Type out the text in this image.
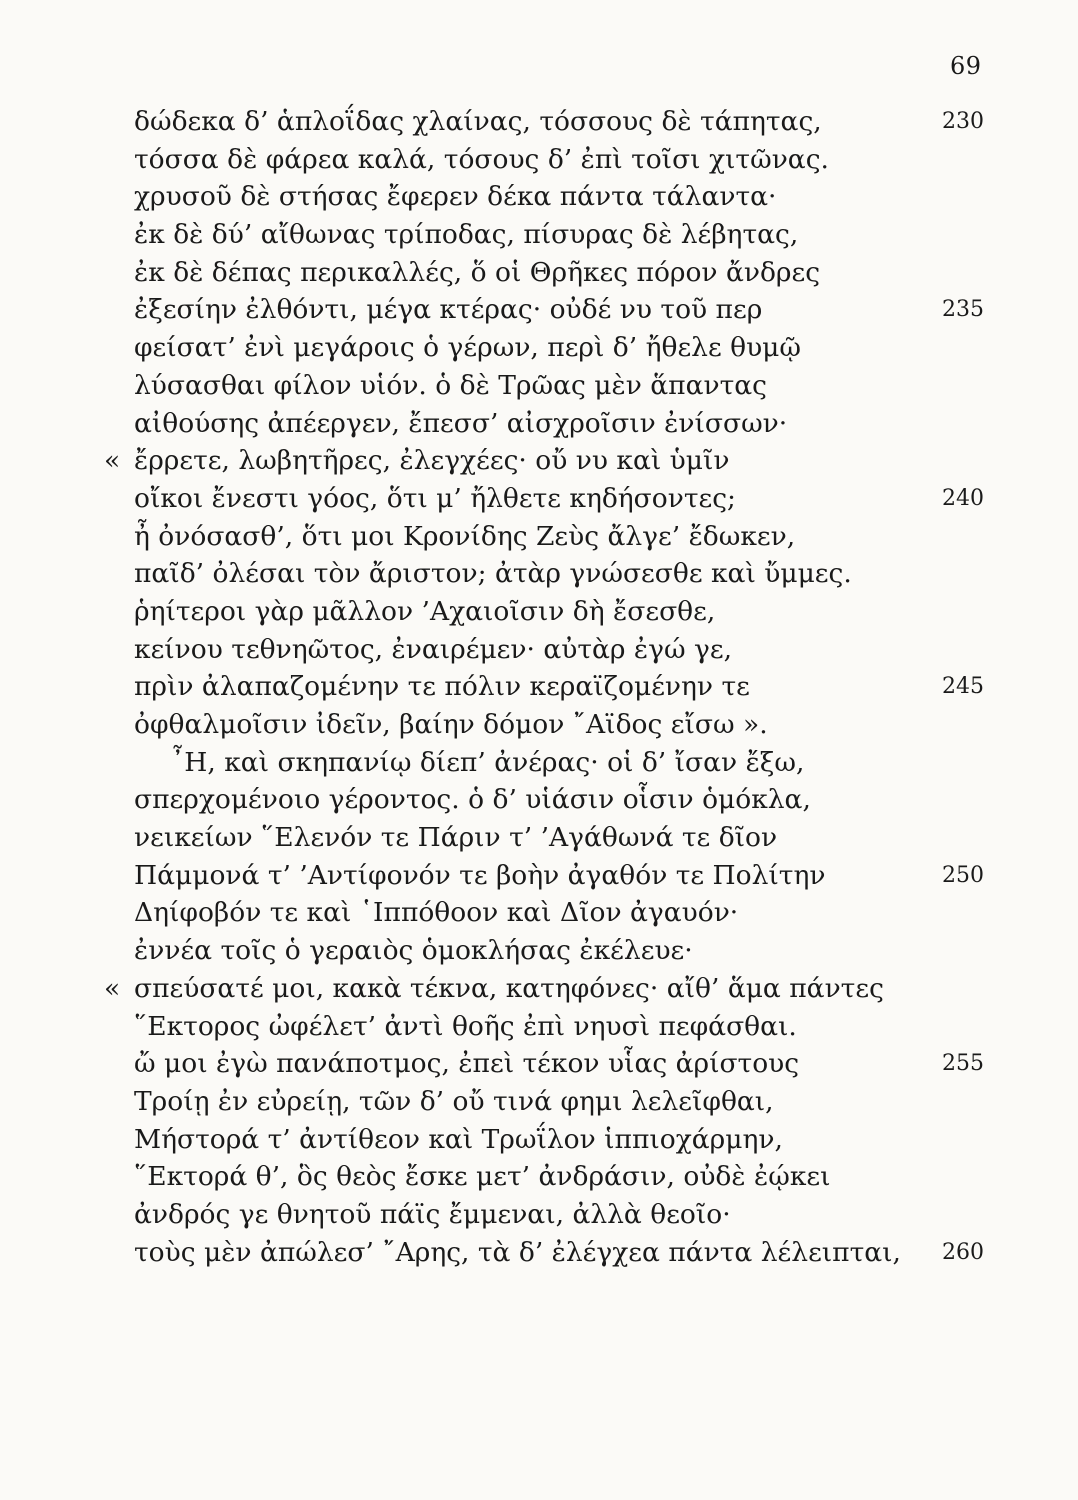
69
δώδεκα δ’ ἁπλοΐδας χλαίνας, τόσσους δὲ τάπητας,	230
τόσσα δὲ φάρεα καλά, τόσους δ’ ἐπὶ τοῖσι χιτῶνας.
χρυσοῦ δὲ στήσας ἔφερεν δέκα πάντα τάλαντα·
ἐκ δὲ δύ’ αἴθωνας τρίποδας, πίσυρας δὲ λέβητας,
ἐκ δὲ δέπας περικαλλές, ὅ οἱ Θρῆκες πόρον ἄνδρες
ἐξεσίην ἐλθόντι, μέγα κτέρας· οὐδέ νυ τοῦ περ	235
φείσατ’ ἐνὶ μεγάροις ὁ γέρων, περὶ δ’ ἤθελε θυμῷ
λύσασθαι φίλον υἱόν. ὁ δὲ Τρῶας μὲν ἅπαντας
αἰθούσης ἀπέεργεν, ἔπεσσ’ αἰσχροῖσιν ἐνίσσων·
« ἔρρετε, λωβητῆρες, ἐλεγχέες· οὔ νυ καὶ ὑμῖν
οἴκοι ἔνεστι γόος, ὅτι μ’ ἤλθετε κηδήσοντες;	240
ἦ ὀνόσασθ’, ὅτι μοι Κρονίδης Ζεὺς ἄλγε’ ἔδωκεν,
παῖδ’ ὀλέσαι τὸν ἄριστον; ἀτὰρ γνώσεσθε καὶ ὔμμες.
ῥηίτεροι γὰρ μᾶλλον ’Αχαιοῖσιν δὴ ἔσεσθε,
κείνου τεθνηῶτος, ἐναιρέμεν· αὐτὰρ ἐγώ γε,
πρὶν ἀλαπαζομένην τε πόλιν κεραϊζομένην τε	245
ὀφθαλμοῖσιν ἰδεῖν, βαίην δόμον ῎Αϊδος εἴσω ».
῏Η, καὶ σκηπανίῳ δίεπ’ ἀνέρας· οἱ δ’ ἴσαν ἔξω,
σπερχομένοιο γέροντος. ὁ δ’ υἱάσιν οἷσιν ὁμόκλα,
νεικείων ῞Ελενόν τε Πάριν τ’ ’Αγάθωνά τε δῖον
Πάμμονά τ’ ’Αντίφονόν τε βοὴν ἀγαθόν τε Πολίτην	250
Δηίφοβόν τε καὶ ῾Ιππόθοον καὶ Δῖον ἀγαυόν·
ἐννέα τοῖς ὁ γεραιὸς ὁμοκλήσας ἐκέλευε·
« σπεύσατέ μοι, κακὰ τέκνα, κατηφόνες· αἴθ’ ἅμα πάντες
῞Εκτορος ὠφέλετ’ ἀντὶ θοῆς ἐπὶ νηυσὶ πεφάσθαι.
ὤ μοι ἐγὼ πανάποτμος, ἐπεὶ τέκον υἷας ἀρίστους	255
Τροίῃ ἐν εὐρείῃ, τῶν δ’ οὔ τινά φημι λελεῖφθαι,
Μήστορά τ’ ἀντίθεον καὶ Τρωΐλον ἱππιοχάρμην,
῞Εκτορά θ’, ὃς θεὸς ἔσκε μετ’ ἀνδράσιν, οὐδὲ ἐῴκει
ἀνδρός γε θνητοῦ πάϊς ἔμμεναι, ἀλλὰ θεοῖο·
τοὺς μὲν ἀπώλεσ’ ῎Αρης, τὰ δ’ ἐλέγχεα πάντα λέλειπται, 260
